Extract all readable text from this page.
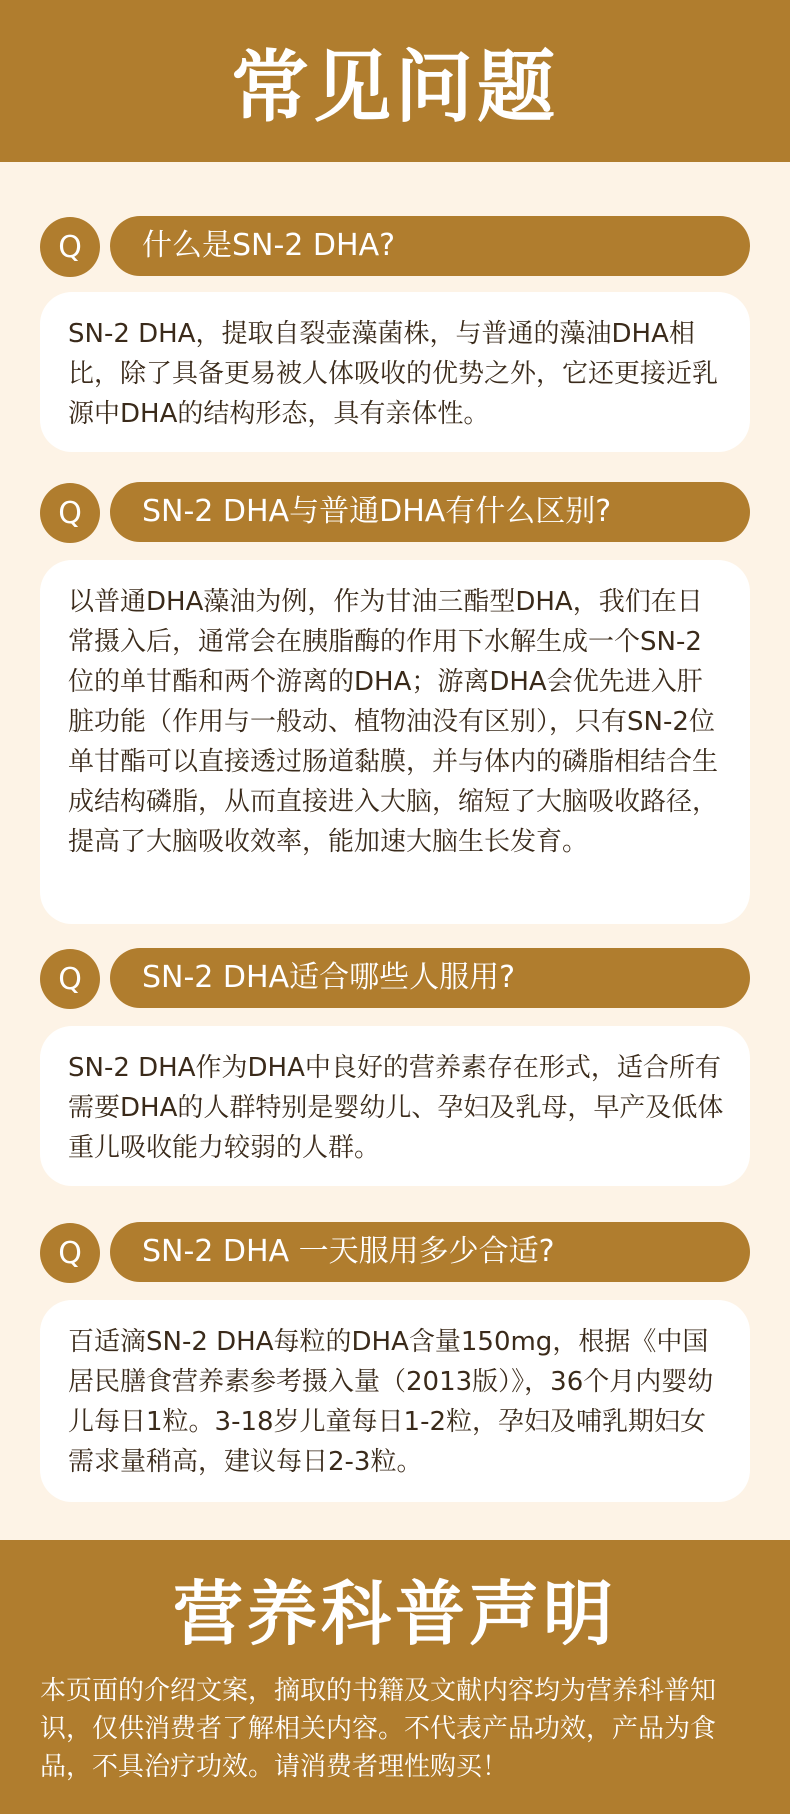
常见问题
Q	什么是SN-2 DHA?
SN-2 DHA，提取自裂壶藻菌株，与普通的藻油DHA相比，除了具备更易被人体吸收的优势之外，它还更接近乳源中DHA的结构形态，具有亲体性。
Q	SN-2 DHA与普通DHA有什么区别?
以普通DHA藻油为例，作为甘油三酯型DHA，我们在日常摄入后，通常会在胰脂酶的作用下水解生成一个SN-2位的单甘酯和两个游离的DHA；游离DHA会优先进入肝脏功能（作用与一般动、植物油没有区别），只有SN-2位单甘酯可以直接透过肠道黏膜，并与体内的磷脂相结合生成结构磷脂，从而直接进入大脑，缩短了大脑吸收路径，提高了大脑吸收效率，能加速大脑生长发育。
Q	SN-2 DHA适合哪些人服用?
SN-2 DHA作为DHA中良好的营养素存在形式，适合所有需要DHA的人群特别是婴幼儿、孕妇及乳母，早产及低体重儿吸收能力较弱的人群。
Q	SN-2 DHA 一天服用多少合适?
百适滴SN-2 DHA每粒的DHA含量150mg，根据《中国居民膳食营养素参考摄入量（2013版）》，36个月内婴幼儿每日1粒。3-18岁儿童每日1-2粒，孕妇及哺乳期妇女需求量稍高，建议每日2-3粒。
营养科普声明
本页面的介绍文案，摘取的书籍及文献内容均为营养科普知识，仅供消费者了解相关内容。不代表产品功效，产品为食品，不具治疗功效。请消费者理性购买！
